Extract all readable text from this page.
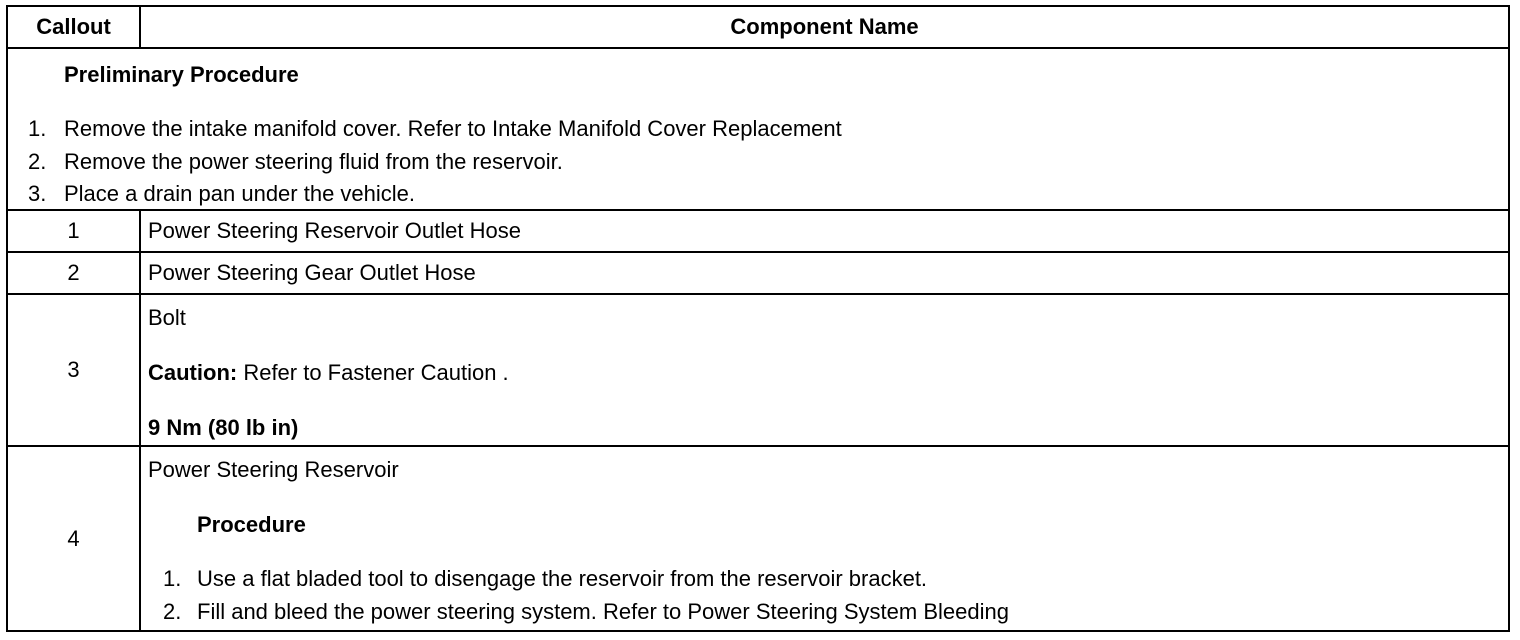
Callout	Component Name

Preliminary Procedure
1. Remove the intake manifold cover. Refer to Intake Manifold Cover Replacement
2. Remove the power steering fluid from the reservoir.
3. Place a drain pan under the vehicle.	

1	Power Steering Reservoir Outlet Hose
2	Power Steering Gear Outlet Hose
3	Bolt
Caution: Refer to Fastener Caution .
9 Nm (80 lb in)

4	Power Steering Reservoir
Procedure
1. Use a flat bladed tool to disengage the reservoir from the reservoir bracket.
2. Fill and bleed the power steering system. Refer to Power Steering System Bleeding
